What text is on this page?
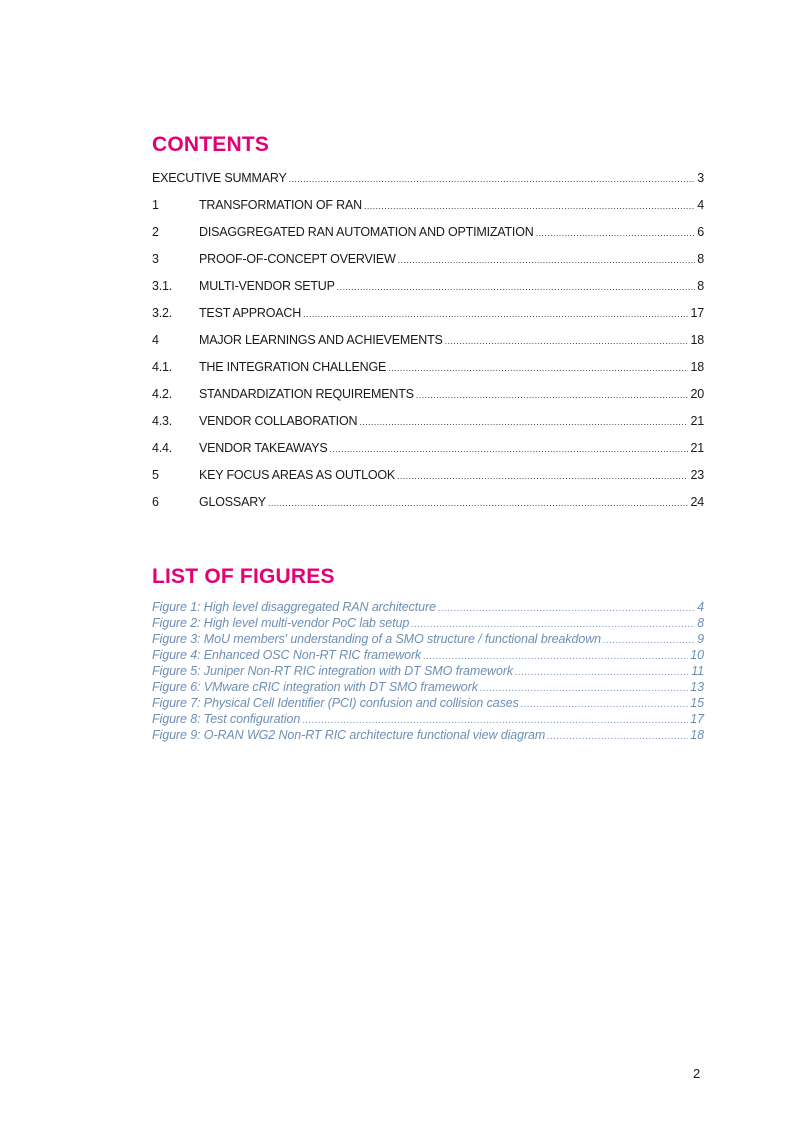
CONTENTS
EXECUTIVE SUMMARY .....	3
1	TRANSFORMATION OF RAN .....	4
2	DISAGGREGATED RAN AUTOMATION AND OPTIMIZATION .....	6
3	PROOF-OF-CONCEPT OVERVIEW .....	8
3.1.	MULTI-VENDOR SETUP .....	8
3.2.	TEST APPROACH .....	17
4	MAJOR LEARNINGS AND ACHIEVEMENTS .....	18
4.1.	THE INTEGRATION CHALLENGE .....	18
4.2.	STANDARDIZATION REQUIREMENTS .....	20
4.3.	VENDOR COLLABORATION .....	21
4.4.	VENDOR TAKEAWAYS .....	21
5	KEY FOCUS AREAS AS OUTLOOK .....	23
6	GLOSSARY .....	24
LIST OF FIGURES
Figure 1: High level disaggregated RAN architecture .....	4
Figure 2: High level multi-vendor PoC lab setup .....	8
Figure 3: MoU members' understanding of a SMO structure / functional breakdown .....	9
Figure 4: Enhanced OSC Non-RT RIC framework .....	10
Figure 5: Juniper Non-RT RIC integration with DT SMO framework .....	11
Figure 6: VMware cRIC integration with DT SMO framework .....	13
Figure 7: Physical Cell Identifier (PCI) confusion and collision cases .....	15
Figure 8: Test configuration .....	17
Figure 9: O-RAN WG2 Non-RT RIC architecture functional view diagram .....	18
2
